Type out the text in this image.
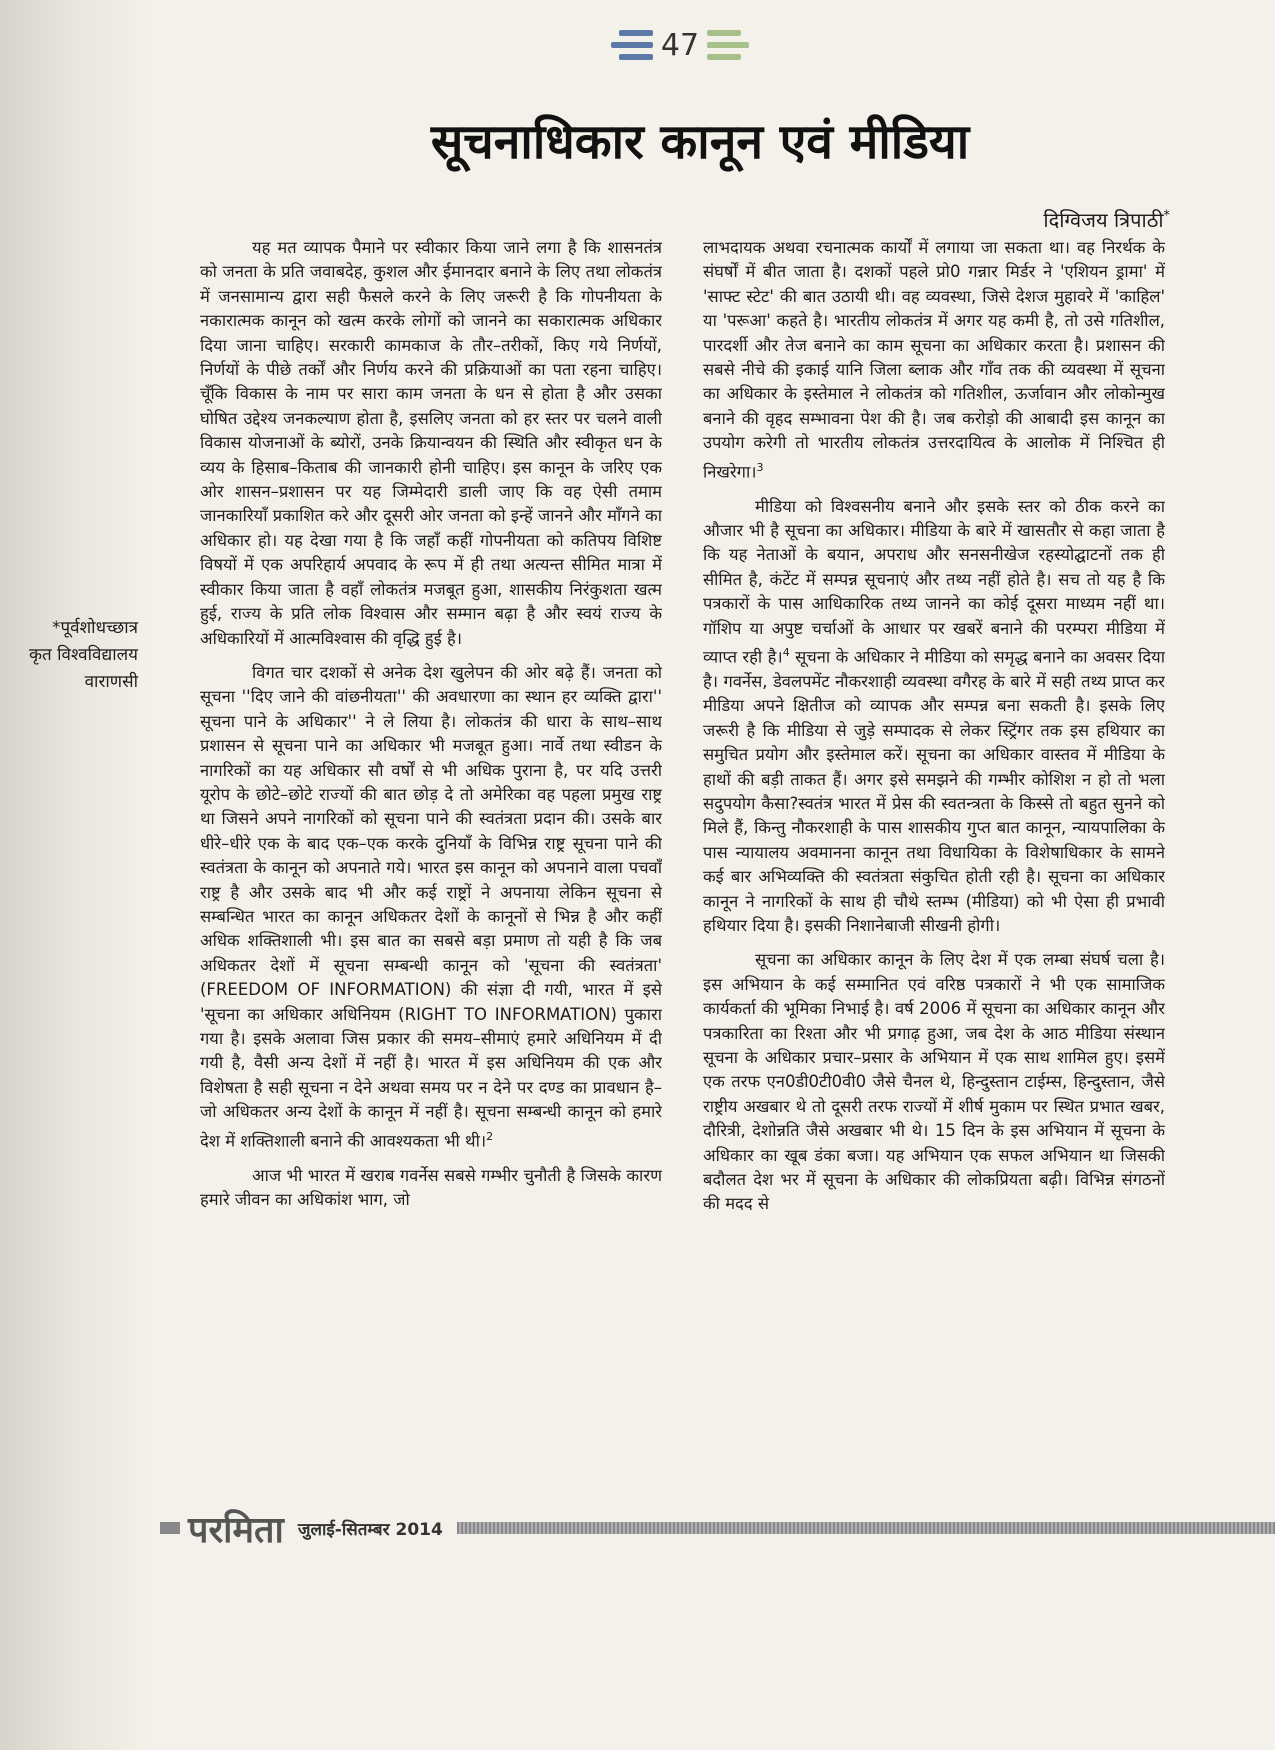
47
सूचनाधिकार कानून एवं मीडिया
दिग्विजय त्रिपाठी*
*पूर्वशोधच्छात्र
कृत विश्वविद्यालय
वाराणसी

यह मत व्यापक पैमाने पर स्वीकार किया जाने लगा है कि शासनतंत्र को जनता के प्रति जवाबदेह, कुशल और ईमानदार बनाने के लिए तथा लोकतंत्र में जनसामान्य द्वारा सही फैसले करने के लिए जरूरी है कि गोपनीयता के नकारात्मक कानून को खत्म करके लोगों को जानने का सकारात्मक अधिकार दिया जाना चाहिए। सरकारी कामकाज के तौर–तरीकों, किए गये निर्णयों, निर्णयों के पीछे तर्कों और निर्णय करने की प्रक्रियाओं का पता रहना चाहिए। चूँकि विकास के नाम पर सारा काम जनता के धन से होता है और उसका घोषित उद्देश्य जनकल्याण होता है, इसलिए जनता को हर स्तर पर चलने वाली विकास योजनाओं के ब्योरों, उनके क्रियान्वयन की स्थिति और स्वीकृत धन के व्यय के हिसाब–किताब की जानकारी होनी चाहिए। इस कानून के जरिए एक ओर शासन–प्रशासन पर यह जिम्मेदारी डाली जाए कि वह ऐसी तमाम जानकारियाँ प्रकाशित करे और दूसरी ओर जनता को इन्हें जानने और माँगने का अधिकार हो। यह देखा गया है कि जहाँ कहीं गोपनीयता को कतिपय विशिष्ट विषयों में एक अपरिहार्य अपवाद के रूप में ही तथा अत्यन्त सीमित मात्रा में स्वीकार किया जाता है वहाँ लोकतंत्र मजबूत हुआ, शासकीय निरंकुशता खत्म हुई, राज्य के प्रति लोक विश्वास और सम्मान बढ़ा है और स्वयं राज्य के अधिकारियों में आत्मविश्वास की वृद्धि हुई है।

विगत चार दशकों से अनेक देश खुलेपन की ओर बढ़े हैं। जनता को सूचना ''दिए जाने की वांछनीयता'' की अवधारणा का स्थान हर व्यक्ति द्वारा'' सूचना पाने के अधिकार'' ने ले लिया है। लोकतंत्र की धारा के साथ–साथ प्रशासन से सूचना पाने का अधिकार भी मजबूत हुआ। नार्वे तथा स्वीडन के नागरिकों का यह अधिकार सौ वर्षों से भी अधिक पुराना है, पर यदि उत्तरी यूरोप के छोटे–छोटे राज्यों की बात छोड़ दे तो अमेरिका वह पहला प्रमुख राष्ट्र था जिसने अपने नागरिकों को सूचना पाने की स्वतंत्रता प्रदान की। उसके बार धीरे–धीरे एक के बाद एक–एक करके दुनियाँ के विभिन्न राष्ट्र सूचना पाने की स्वतंत्रता के कानून को अपनाते गये। भारत इस कानून को अपनाने वाला पचवाँ राष्ट्र है और उसके बाद भी और कई राष्ट्रों ने अपनाया लेकिन सूचना से सम्बन्धित भारत का कानून अधिकतर देशों के कानूनों से भिन्न है और कहीं अधिक शक्तिशाली भी। इस बात का सबसे बड़ा प्रमाण तो यही है कि जब अधिकतर देशों में सूचना सम्बन्धी कानून को 'सूचना की स्वतंत्रता' (FREEDOM OF INFORMATION) की संज्ञा दी गयी, भारत में इसे 'सूचना का अधिकार अधिनियम (RIGHT TO INFORMATION) पुकारा गया है। इसके अलावा जिस प्रकार की समय–सीमाएं हमारे अधिनियम में दी गयी है, वैसी अन्य देशों में नहीं है। भारत में इस अधिनियम की एक और विशेषता है सही सूचना न देने अथवा समय पर न देने पर दण्ड का प्रावधान है– जो अधिकतर अन्य देशों के कानून में नहीं है। सूचना सम्बन्धी कानून को हमारे देश में शक्तिशाली बनाने की आवश्यकता भी थी।$^2$

आज भी भारत में खराब गवर्नेस सबसे गम्भीर चुनौती है जिसके कारण हमारे जीवन का अधिकांश भाग, जो

लाभदायक अथवा रचनात्मक कार्यों में लगाया जा सकता था। वह निरर्थक के संघर्षों में बीत जाता है। दशकों पहले प्रो0 गन्नार मिर्डर ने 'एशियन ड्रामा' में 'साफ्ट स्टेट' की बात उठायी थी। वह व्यवस्था, जिसे देशज मुहावरे में 'काहिल' या 'परूआ' कहते है। भारतीय लोकतंत्र में अगर यह कमी है, तो उसे गतिशील, पारदर्शी और तेज बनाने का काम सूचना का अधिकार करता है। प्रशासन की सबसे नीचे की इकाई यानि जिला ब्लाक और गाँव तक की व्यवस्था में सूचना का अधिकार के इस्तेमाल ने लोकतंत्र को गतिशील, ऊर्जावान और लोकोन्मुख बनाने की वृहद सम्भावना पेश की है। जब करोड़ो की आबादी इस कानून का उपयोग करेगी तो भारतीय लोकतंत्र उत्तरदायित्व के आलोक में निश्चित ही निखरेगा।$^3$

मीडिया को विश्वसनीय बनाने और इसके स्तर को ठीक करने का औजार भी है सूचना का अधिकार। मीडिया के बारे में खासतौर से कहा जाता है कि यह नेताओं के बयान, अपराध और सनसनीखेज रहस्योद्घाटनों तक ही सीमित है, कंटेंट में सम्पन्न सूचनाएं और तथ्य नहीं होते है। सच तो यह है कि पत्रकारों के पास आधिकारिक तथ्य जानने का कोई दूसरा माध्यम नहीं था। गॉशिप या अपुष्ट चर्चाओं के आधार पर खबरें बनाने की परम्परा मीडिया में व्याप्त रही है।$^4$ सूचना के अधिकार ने मीडिया को समृद्ध बनाने का अवसर दिया है। गवर्नेस, डेवलपमेंट नौकरशाही व्यवस्था वगैरह के बारे में सही तथ्य प्राप्त कर मीडिया अपने क्षितीज को व्यापक और सम्पन्न बना सकती है। इसके लिए जरूरी है कि मीडिया से जुड़े सम्पादक से लेकर स्ट्रिंगर तक इस हथियार का समुचित प्रयोग और इस्तेमाल करें। सूचना का अधिकार वास्तव में मीडिया के हाथों की बड़ी ताकत हैं। अगर इसे समझने की गम्भीर कोशिश न हो तो भला सदुपयोग कैसा?स्वतंत्र भारत में प्रेस की स्वतन्त्रता के किस्से तो बहुत सुनने को मिले हैं, किन्तु नौकरशाही के पास शासकीय गुप्त बात कानून, न्यायपालिका के पास न्यायालय अवमानना कानून तथा विधायिका के विशेषाधिकार के सामने कई बार अभिव्यक्ति की स्वतंत्रता संकुचित होती रही है। सूचना का अधिकार कानून ने नागरिकों के साथ ही चौथे स्तम्भ (मीडिया) को भी ऐसा ही प्रभावी हथियार दिया है। इसकी निशानेबाजी सीखनी होगी।

सूचना का अधिकार कानून के लिए देश में एक लम्बा संघर्ष चला है। इस अभियान के कई सम्मानित एवं वरिष्ठ पत्रकारों ने भी एक सामाजिक कार्यकर्ता की भूमिका निभाई है। वर्ष 2006 में सूचना का अधिकार कानून और पत्रकारिता का रिश्ता और भी प्रगाढ़ हुआ, जब देश के आठ मीडिया संस्थान सूचना के अधिकार प्रचार–प्रसार के अभियान में एक साथ शामिल हुए। इसमें एक तरफ एन0डी0टी0वी0 जैसे चैनल थे, हिन्दुस्तान टाईम्स, हिन्दुस्तान, जैसे राष्ट्रीय अखबार थे तो दूसरी तरफ राज्यों में शीर्ष मुकाम पर स्थित प्रभात खबर, दौरित्री, देशोन्नति जैसे अखबार भी थे। 15 दिन के इस अभियान में सूचना के अधिकार का खूब डंका बजा। यह अभियान एक सफल अभियान था जिसकी बदौलत देश भर में सूचना के अधिकार की लोकप्रियता बढ़ी। विभिन्न संगठनों की मदद से

परमिता जुलाई-सितम्बर 2014
